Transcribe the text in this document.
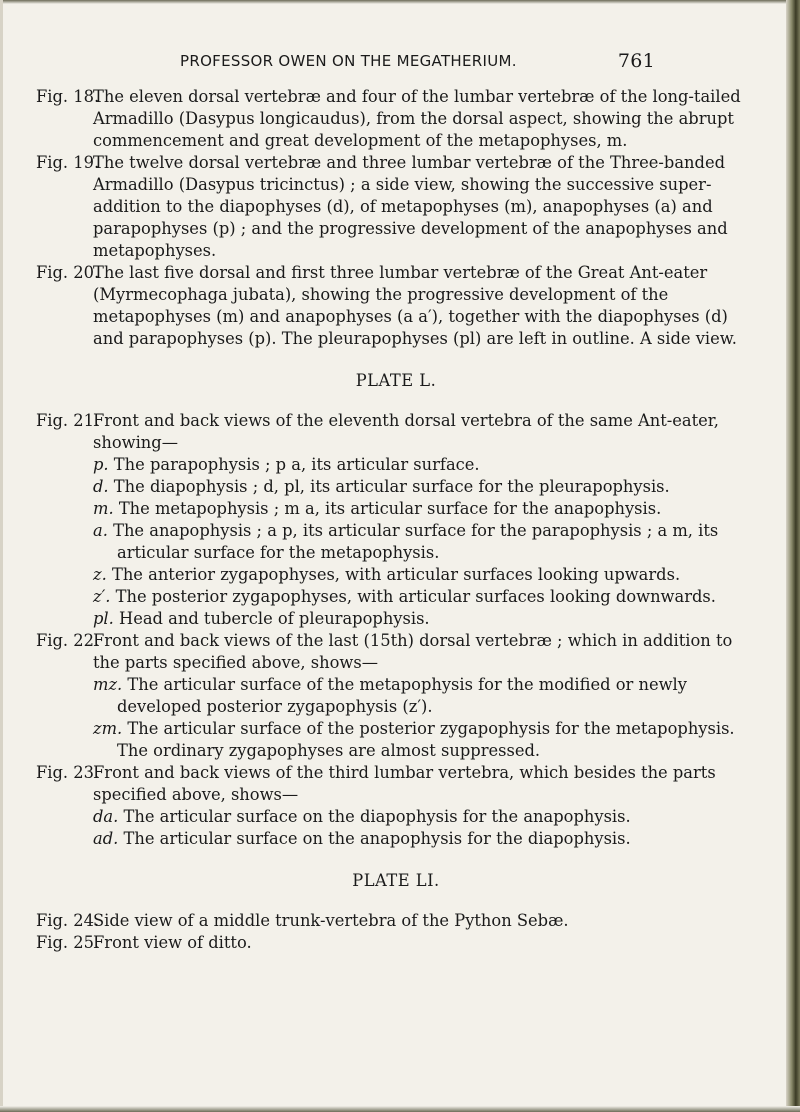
PROFESSOR OWEN ON THE MEGATHERIUM.	761
Fig. 18.
The eleven dorsal vertebræ and four of the lumbar vertebræ of the long-tailed Armadillo (Dasypus longicaudus), from the dorsal aspect, showing the abrupt commencement and great development of the metapophyses, m.
Fig. 19.
The twelve dorsal vertebræ and three lumbar vertebræ of the Three-banded Armadillo (Dasypus tricinctus) ; a side view, showing the successive super-addition to the diapophyses (d), of metapophyses (m), anapophyses (a) and parapophyses (p) ; and the progressive development of the anapophyses and metapophyses.
Fig. 20.
The last five dorsal and first three lumbar vertebræ of the Great Ant-eater (Myrmecophaga jubata), showing the progressive development of the metapophyses (m) and anapophyses (a a′), together with the diapophyses (d) and parapophyses (p). The pleurapophyses (pl) are left in outline. A side view.
PLATE L.
Fig. 21.
Front and back views of the eleventh dorsal vertebra of the same Ant-eater, showing—
p. The parapophysis ; p a, its articular surface.
d. The diapophysis ; d, pl, its articular surface for the pleurapophysis.
m. The metapophysis ; m a, its articular surface for the anapophysis.
a. The anapophysis ; a p, its articular surface for the parapophysis ; a m, its articular surface for the metapophysis.
z. The anterior zygapophyses, with articular surfaces looking upwards.
z′. The posterior zygapophyses, with articular surfaces looking downwards.
pl. Head and tubercle of pleurapophysis.
Fig. 22.
Front and back views of the last (15th) dorsal vertebræ ; which in addition to the parts specified above, shows—
mz. The articular surface of the metapophysis for the modified or newly developed posterior zygapophysis (z′).
zm. The articular surface of the posterior zygapophysis for the metapophysis.
The ordinary zygapophyses are almost suppressed.
Fig. 23.
Front and back views of the third lumbar vertebra, which besides the parts specified above, shows—
da. The articular surface on the diapophysis for the anapophysis.
ad. The articular surface on the anapophysis for the diapophysis.
PLATE LI.
Fig. 24.
Side view of a middle trunk-vertebra of the Python Sebæ.
Fig. 25.
Front view of ditto.
